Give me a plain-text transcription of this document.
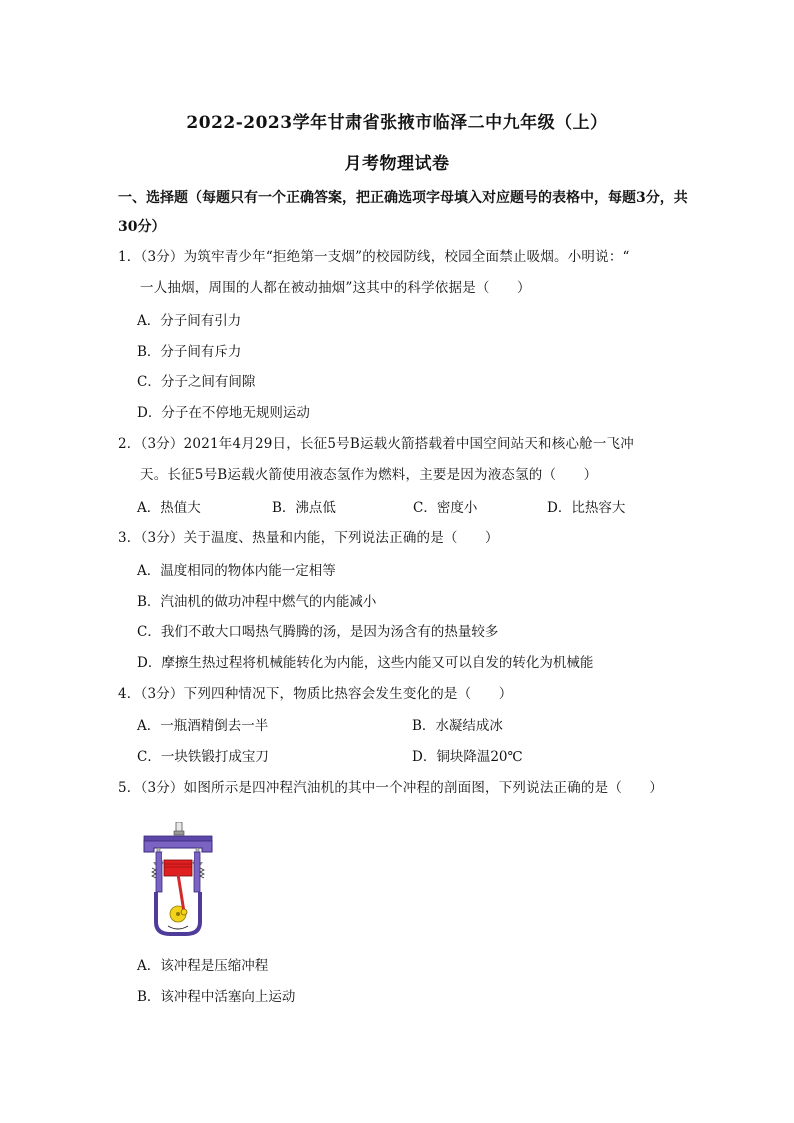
2022-2023学年甘肃省张掖市临泽二中九年级（上）
月考物理试卷
一、选择题（每题只有一个正确答案，把正确选项字母填入对应题号的表格中，每题3分，共30分）
1．（3分）为筑牢青少年“拒绝第一支烟”的校园防线，校园全面禁止吸烟。小明说：“
一人抽烟，周围的人都在被动抽烟”这其中的科学依据是（　　）
A．分子间有引力
B．分子间有斥力
C．分子之间有间隙
D．分子在不停地无规则运动
2．（3分）2021年4月29日，长征5号B运载火箭搭载着中国空间站天和核心舱一飞冲
天。长征5号B运载火箭使用液态氢作为燃料，主要是因为液态氢的（　　）
A．热值大	B．沸点低	C．密度小	D．比热容大
3．（3分）关于温度、热量和内能，下列说法正确的是（　　）
A．温度相同的物体内能一定相等
B．汽油机的做功冲程中燃气的内能减小
C．我们不敢大口喝热气腾腾的汤，是因为汤含有的热量较多
D．摩擦生热过程将机械能转化为内能，这些内能又可以自发的转化为机械能
4．（3分）下列四种情况下，物质比热容会发生变化的是（　　）
A．一瓶酒精倒去一半	B．水凝结成冰
C．一块铁锻打成宝刀	D．铜块降温20℃
5．（3分）如图所示是四冲程汽油机的其中一个冲程的剖面图，下列说法正确的是（　　）
A．该冲程是压缩冲程
B．该冲程中活塞向上运动
